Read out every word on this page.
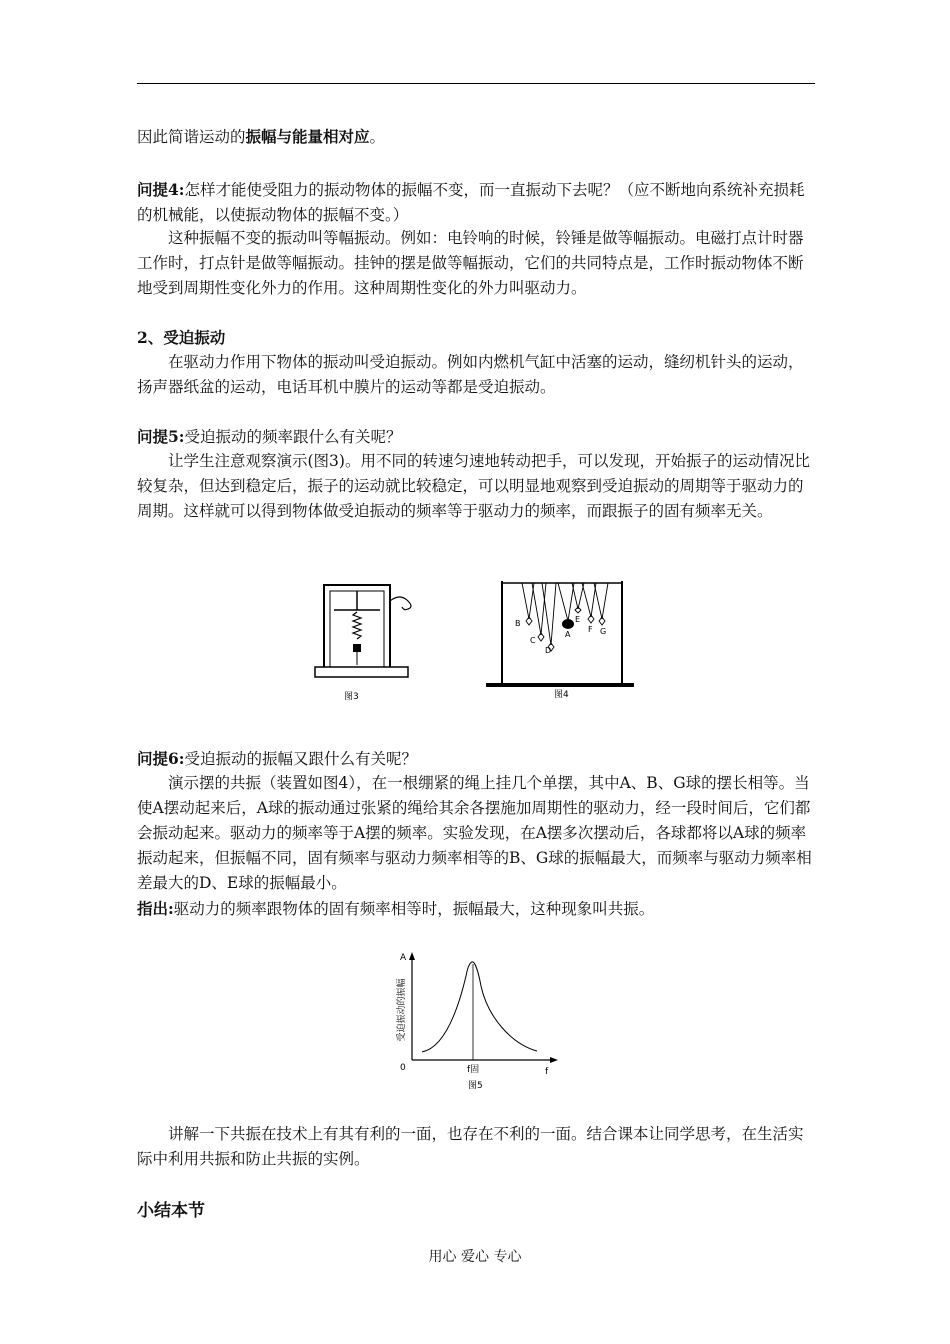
因此简谐运动的振幅与能量相对应。
问提4:怎样才能使受阻力的振动物体的振幅不变，而一直振动下去呢？（应不断地向系统补充损耗的机械能，以使振动物体的振幅不变。）
这种振幅不变的振动叫等幅振动。例如：电铃响的时候，铃锤是做等幅振动。电磁打点计时器工作时，打点针是做等幅振动。挂钟的摆是做等幅振动，它们的共同特点是，工作时振动物体不断地受到周期性变化外力的作用。这种周期性变化的外力叫驱动力。
2、受迫振动
在驱动力作用下物体的振动叫受迫振动。例如内燃机气缸中活塞的运动，缝纫机针头的运动，扬声器纸盆的运动，电话耳机中膜片的运动等都是受迫振动。
问提5:受迫振动的频率跟什么有关呢？
让学生注意观察演示(图3)。用不同的转速匀速地转动把手，可以发现，开始振子的运动情况比较复杂，但达到稳定后，振子的运动就比较稳定，可以明显地观察到受迫振动的周期等于驱动力的周期。这样就可以得到物体做受迫振动的频率等于驱动力的频率，而跟振子的固有频率无关。
图3
B
C
D
A
E
F G
图4
问提6:受迫振动的振幅又跟什么有关呢？
演示摆的共振（装置如图4），在一根绷紧的绳上挂几个单摆，其中A、B、G球的摆长相等。当使A摆动起来后，A球的振动通过张紧的绳给其余各摆施加周期性的驱动力，经一段时间后，它们都会振动起来。驱动力的频率等于A摆的频率。实验发现，在A摆多次摆动后，各球都将以A球的频率振动起来，但振幅不同，固有频率与驱动力频率相等的B、G球的振幅最大，而频率与驱动力频率相差最大的D、E球的振幅最小。
指出:驱动力的频率跟物体的固有频率相等时，振幅最大，这种现象叫共振。
A
0	f
f固
受迫振动的振幅
图5
讲解一下共振在技术上有其有利的一面，也存在不利的一面。结合课本让同学思考，在生活实际中利用共振和防止共振的实例。
小结本节
用心 爱心 专心
